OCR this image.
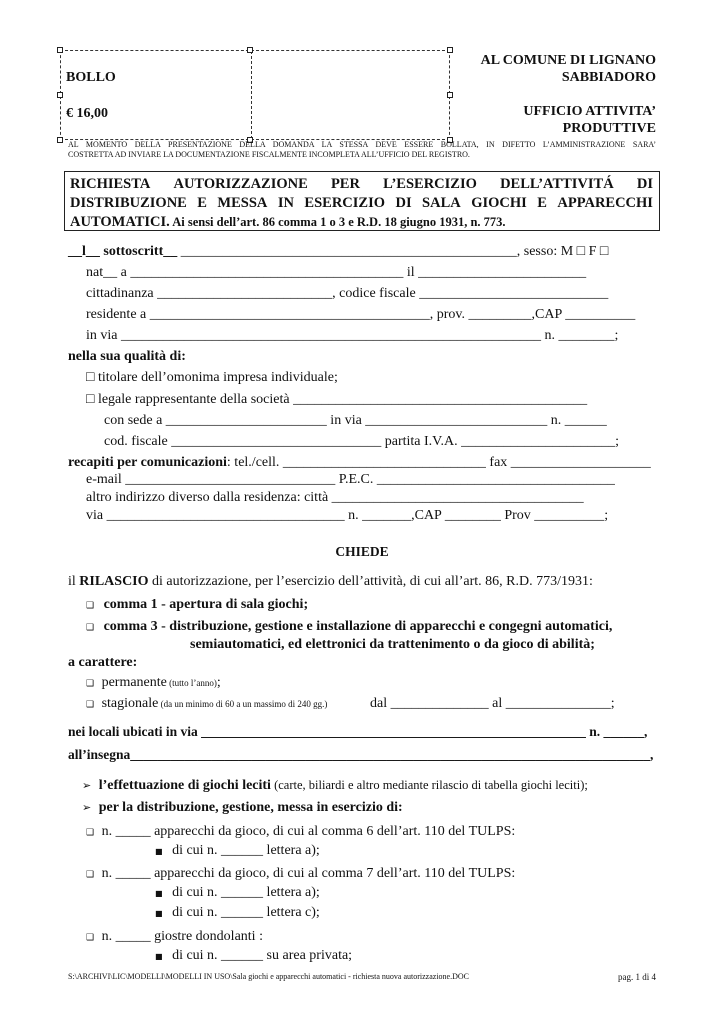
BOLLO
€ 16,00
AL COMUNE DI LIGNANO
SABBIADORO
UFFICIO ATTIVITA’
PRODUTTIVE
AL MOMENTO DELLA PRESENTAZIONE DELLA DOMANDA LA STESSA DEVE ESSERE BOLLATA, IN DIFETTO L’AMMINISTRAZIONE SARA’
COSTRETTA AD INVIARE LA DOCUMENTAZIONE FISCALMENTE INCOMPLETA ALL’UFFICIO DEL REGISTRO.
RICHIESTA AUTORIZZAZIONE PER L’ESERCIZIO DELL’ATTIVITÁ DI
DISTRIBUZIONE E MESSA IN ESERCIZIO DI SALA GIOCHI E APPARECCHI
AUTOMATICI. Ai sensi dell’art. 86 comma 1 o 3 e R.D. 18 giugno 1931, n. 773.
__l__ sottoscritt__ ________________________________________________, sesso: M □ F □
nat__ a _______________________________________ il ________________________
cittadinanza _________________________, codice fiscale ___________________________
residente a ________________________________________, prov. _________,CAP __________
in via ____________________________________________________________ n. ________;
nella sua qualità di:
□ titolare dell’omonima impresa individuale;
□ legale rappresentante della società __________________________________________
con sede a _______________________ in via __________________________ n. ______
cod. fiscale ______________________________ partita I.V.A. ______________________;
recapiti per comunicazioni: tel./cell. _____________________________ fax ____________________
e-mail ______________________________ P.E.C. __________________________________
altro indirizzo diverso dalla residenza: città ____________________________________
via __________________________________ n. _______,CAP ________ Prov __________;
CHIEDE
il RILASCIO di autorizzazione, per l’esercizio dell’attività, di cui all’art. 86, R.D. 773/1931:
❑ comma 1 - apertura di sala giochi;
❑ comma 3 - distribuzione, gestione e installazione di apparecchi e congegni automatici,
semiautomatici, ed elettronici da trattenimento o da gioco di abilità;
a carattere:
❑ permanente (tutto l’anno);
❑ stagionale (da un minimo di 60 a un massimo di 240 gg.)	dal ______________ al _______________;
nei locali ubicati in via _________________________________________________________ n. ______,
all’insegna_____________________________________________________________________________,
➢ l’effettuazione di giochi leciti (carte, biliardi e altro mediante rilascio di tabella giochi leciti);
➢ per la distribuzione, gestione, messa in esercizio di:
❑ n. _____ apparecchi da gioco, di cui al comma 6 dell’art. 110 del TULPS:
■ di cui n. ______ lettera a);
❑ n. _____ apparecchi da gioco, di cui al comma 7 dell’art. 110 del TULPS:
■ di cui n. ______ lettera a);
■ di cui n. ______ lettera c);
❑ n. _____ giostre dondolanti :
■ di cui n. ______ su area privata;
S:\ARCHIVI\LIC\MODELLI\MODELLI IN USO\Sala giochi e apparecchi automatici - richiesta nuova autorizzazione.DOC	pag. 1 di 4
